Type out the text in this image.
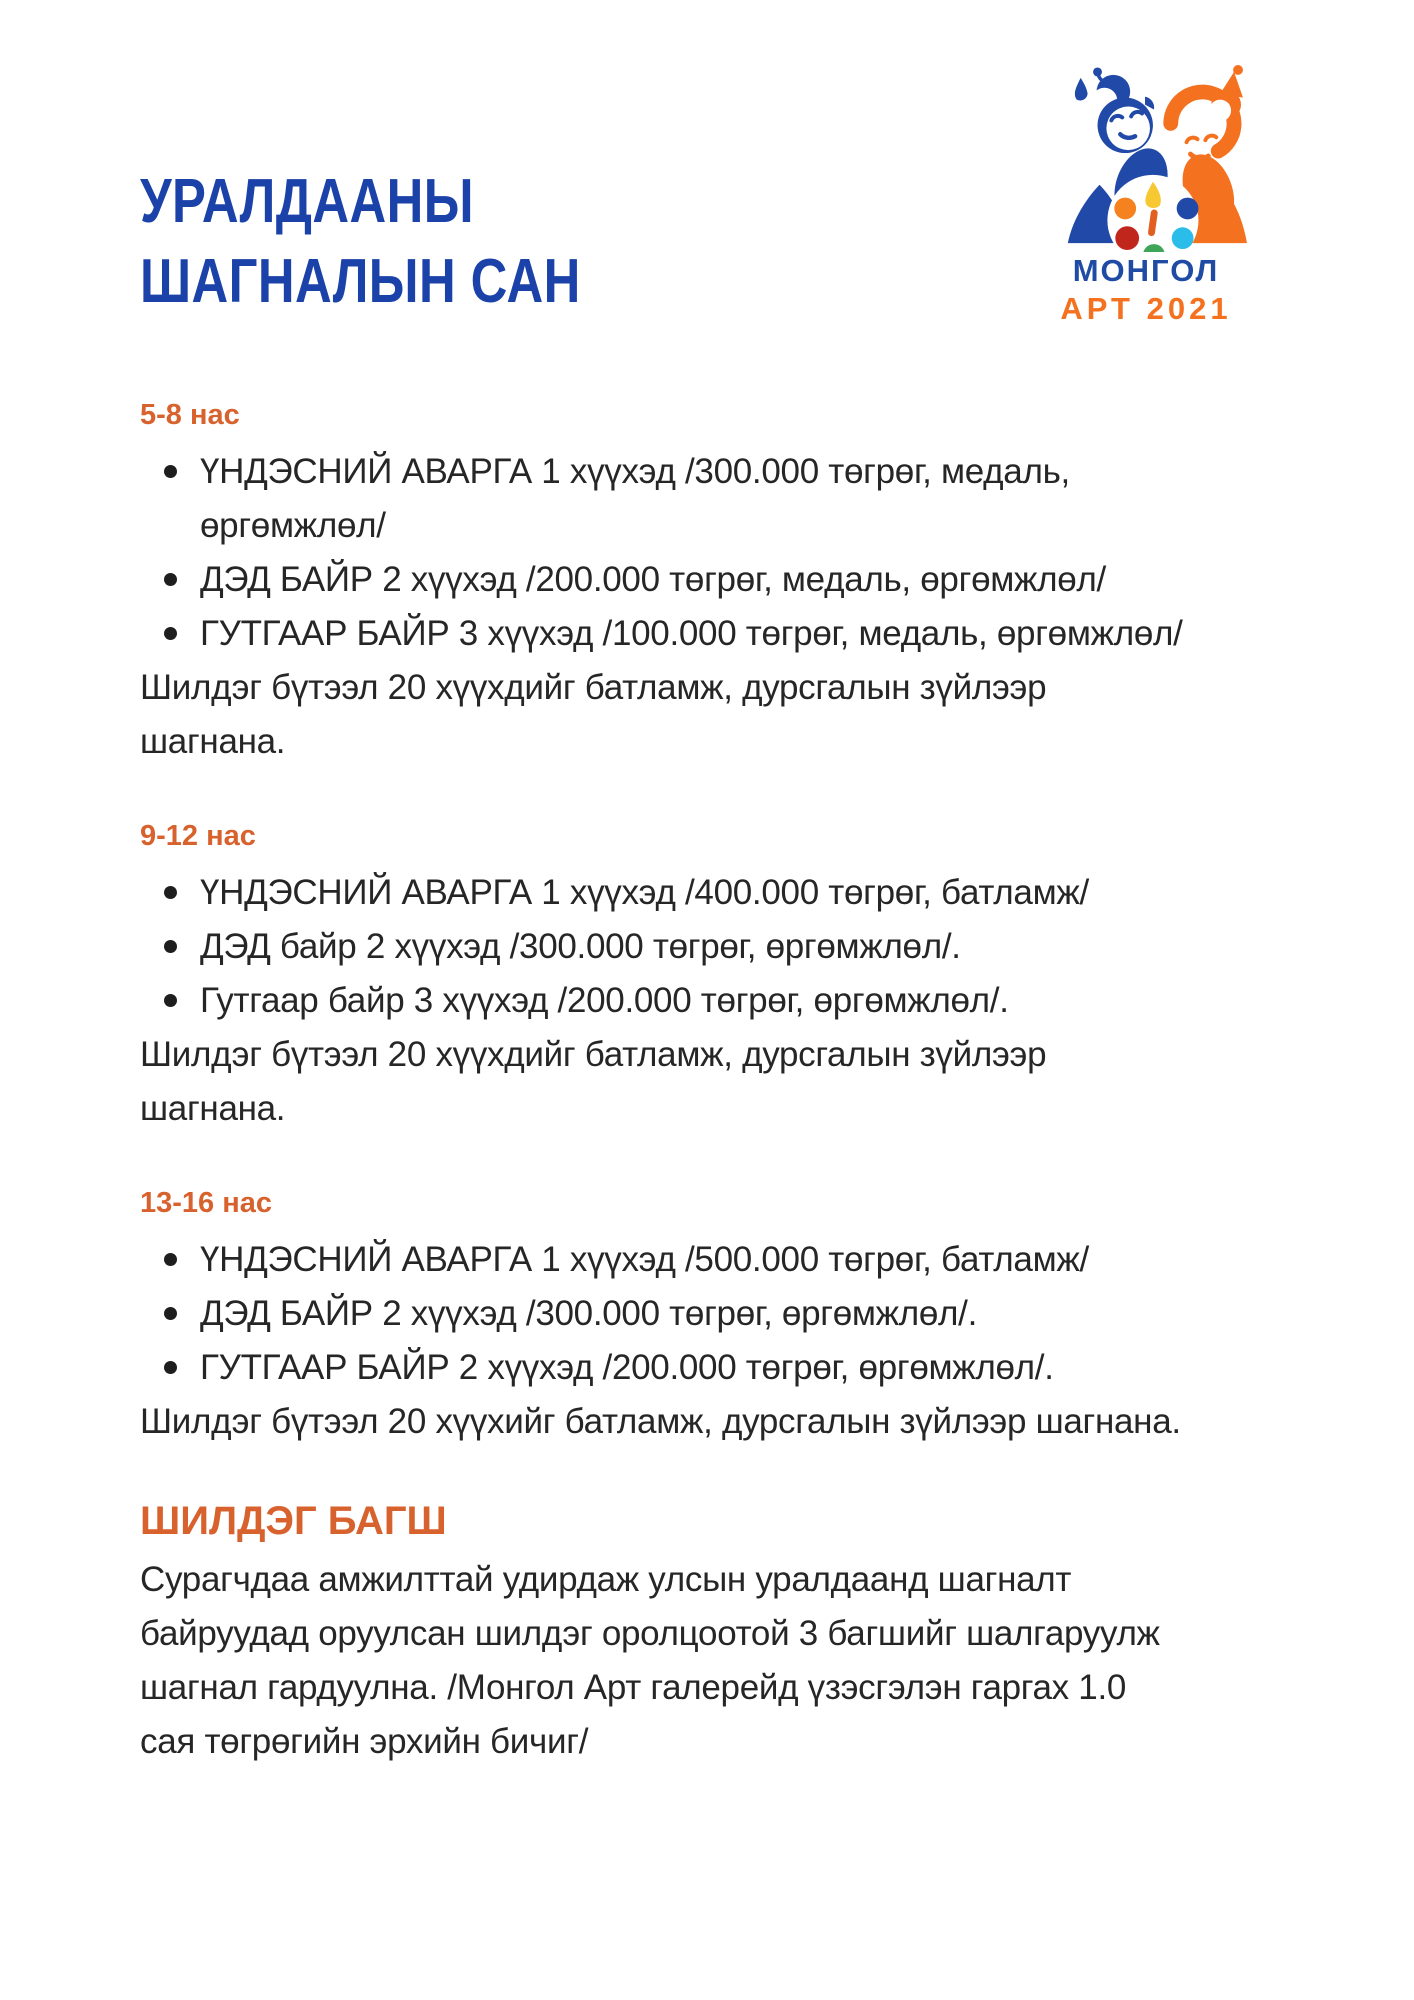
МОНГОЛ
АРТ 2021
УРАЛДААНЫ
ШАГНАЛЫН САН
5-8 нас
ҮНДЭСНИЙ АВАРГА 1 хүүхэд /300.000 төгрөг, медаль, өргөмжлөл/
ДЭД БАЙР 2 хүүхэд /200.000 төгрөг, медаль, өргөмжлөл/
ГУТГААР БАЙР 3 хүүхэд /100.000 төгрөг, медаль, өргөмжлөл/

Шилдэг бүтээл 20 хүүхдийг батламж, дурсгалын зүйлээр шагнана.

9-12 нас
ҮНДЭСНИЙ АВАРГА 1 хүүхэд /400.000 төгрөг, батламж/
ДЭД байр 2 хүүхэд /300.000 төгрөг, өргөмжлөл/.
Гутгаар байр 3 хүүхэд /200.000 төгрөг, өргөмжлөл/.

Шилдэг бүтээл 20 хүүхдийг батламж, дурсгалын зүйлээр шагнана.

13-16 нас
ҮНДЭСНИЙ АВАРГА 1 хүүхэд /500.000 төгрөг, батламж/
ДЭД БАЙР 2 хүүхэд /300.000 төгрөг, өргөмжлөл/.
ГУТГААР БАЙР 2 хүүхэд /200.000 төгрөг, өргөмжлөл/.

Шилдэг бүтээл 20 хүүхийг батламж, дурсгалын зүйлээр шагнана.

ШИЛДЭГ БАГШ

Сурагчдаа амжилттай удирдаж улсын уралдаанд шагналт байруудад оруулсан шилдэг оролцоотой 3 багшийг шалгаруулж шагнал гардуулна. /Монгол Арт галерейд үзэсгэлэн гаргах 1.0 сая төгрөгийн эрхийн бичиг/
